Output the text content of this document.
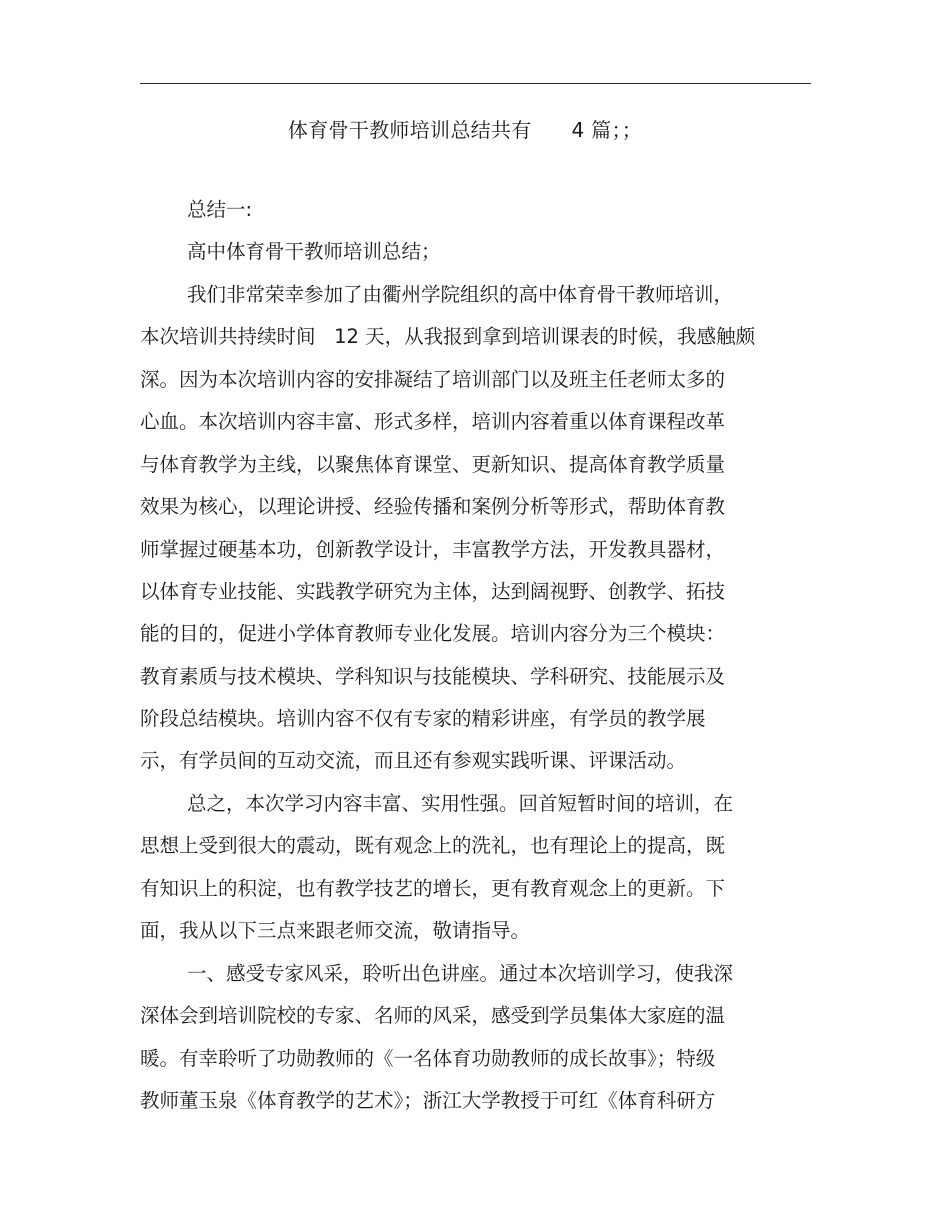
体育骨干教师培训总结共有      4 篇；；
总结一:
高中体育骨干教师培训总结；
我们非常荣幸参加了由衢州学院组织的高中体育骨干教师培训，
本次培训共持续时间   12 天，从我报到拿到培训课表的时候，我感触颇
深。因为本次培训内容的安排凝结了培训部门以及班主任老师太多的
心血。本次培训内容丰富、形式多样，培训内容着重以体育课程改革
与体育教学为主线，以聚焦体育课堂、更新知识、提高体育教学质量
效果为核心，以理论讲授、经验传播和案例分析等形式，帮助体育教
师掌握过硬基本功，创新教学设计，丰富教学方法，开发教具器材，
以体育专业技能、实践教学研究为主体，达到阔视野、创教学、拓技
能的目的，促进小学体育教师专业化发展。培训内容分为三个模块：
教育素质与技术模块、学科知识与技能模块、学科研究、技能展示及
阶段总结模块。培训内容不仅有专家的精彩讲座，有学员的教学展
示，有学员间的互动交流，而且还有参观实践听课、评课活动。
总之，本次学习内容丰富、实用性强。回首短暂时间的培训，在
思想上受到很大的震动，既有观念上的洗礼，也有理论上的提高，既
有知识上的积淀，也有教学技艺的增长，更有教育观念上的更新。下
面，我从以下三点来跟老师交流，敬请指导。
一、感受专家风采，聆听出色讲座。通过本次培训学习，使我深
深体会到培训院校的专家、名师的风采，感受到学员集体大家庭的温
暖。有幸聆听了功勋教师的《一名体育功勋教师的成长故事》；特级
教师董玉泉《体育教学的艺术》；浙江大学教授于可红《体育科研方
